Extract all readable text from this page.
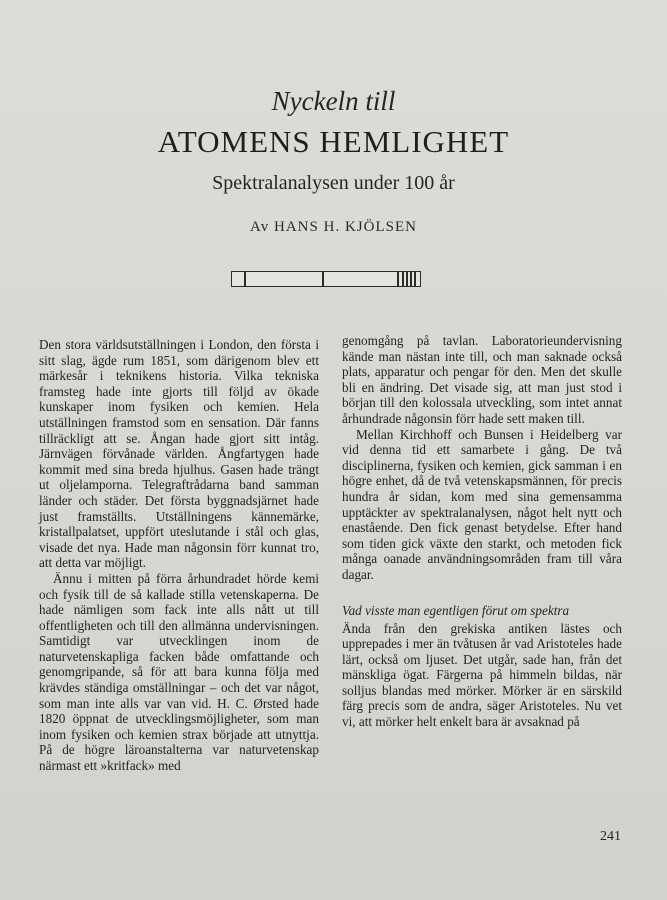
Nyckeln till
ATOMENS HEMLIGHET
Spektralanalysen under 100 år
Av HANS H. KJÖLSEN

Den stora världsutställningen i London, den första i sitt slag, ägde rum 1851, som därigenom blev ett märkesår i teknikens historia. Vilka tekniska framsteg hade inte gjorts till följd av ökade kunskaper inom fysiken och kemien. Hela utställningen framstod som en sensation. Där fanns tillräckligt att se. Ångan hade gjort sitt intåg. Järnvägen förvånade världen. Ångfartygen hade kommit med sina breda hjulhus. Gasen hade trängt ut oljelamporna. Telegraftrådarna band samman länder och städer. Det första byggnadsjärnet hade just framställts. Utställningens kännemärke, kristallpalatset, uppfört uteslutande i stål och glas, visade det nya. Hade man någonsin förr kunnat tro, att detta var möjligt.

Ännu i mitten på förra århundradet hörde kemi och fysik till de så kallade stilla vetenskaperna. De hade nämligen som fack inte alls nått ut till offentligheten och till den allmänna undervisningen. Samtidigt var utvecklingen inom de naturvetenskapliga facken både omfattande och genomgripande, så för att bara kunna följa med krävdes ständiga omställningar – och det var något, som man inte alls var van vid. H. C. Ørsted hade 1820 öppnat de utvecklingsmöjligheter, som man inom fysiken och kemien strax började att utnyttja. På de högre läroanstalterna var naturvetenskap närmast ett »kritfack» med

genomgång på tavlan. Laboratorieundervisning kände man nästan inte till, och man saknade också plats, apparatur och pengar för den. Men det skulle bli en ändring. Det visade sig, att man just stod i början till den kolossala utveckling, som intet annat århundrade någonsin förr hade sett maken till.

Mellan Kirchhoff och Bunsen i Heidelberg var vid denna tid ett samarbete i gång. De två disciplinerna, fysiken och kemien, gick samman i en högre enhet, då de två vetenskapsmännen, för precis hundra år sidan, kom med sina gemensamma upptäckter av spektralanalysen, något helt nytt och enastående. Den fick genast betydelse. Efter hand som tiden gick växte den starkt, och metoden fick många oanade användningsområden fram till våra dagar.

Vad visste man egentligen förut om spektra

Ända från den grekiska antiken lästes och upprepades i mer än tvåtusen år vad Aristoteles hade lärt, också om ljuset. Det utgår, sade han, från det mänskliga ögat. Färgerna på himmeln bildas, när solljus blandas med mörker. Mörker är en särskild färg precis som de andra, säger Aristoteles. Nu vet vi, att mörker helt enkelt bara är avsaknad på

241
